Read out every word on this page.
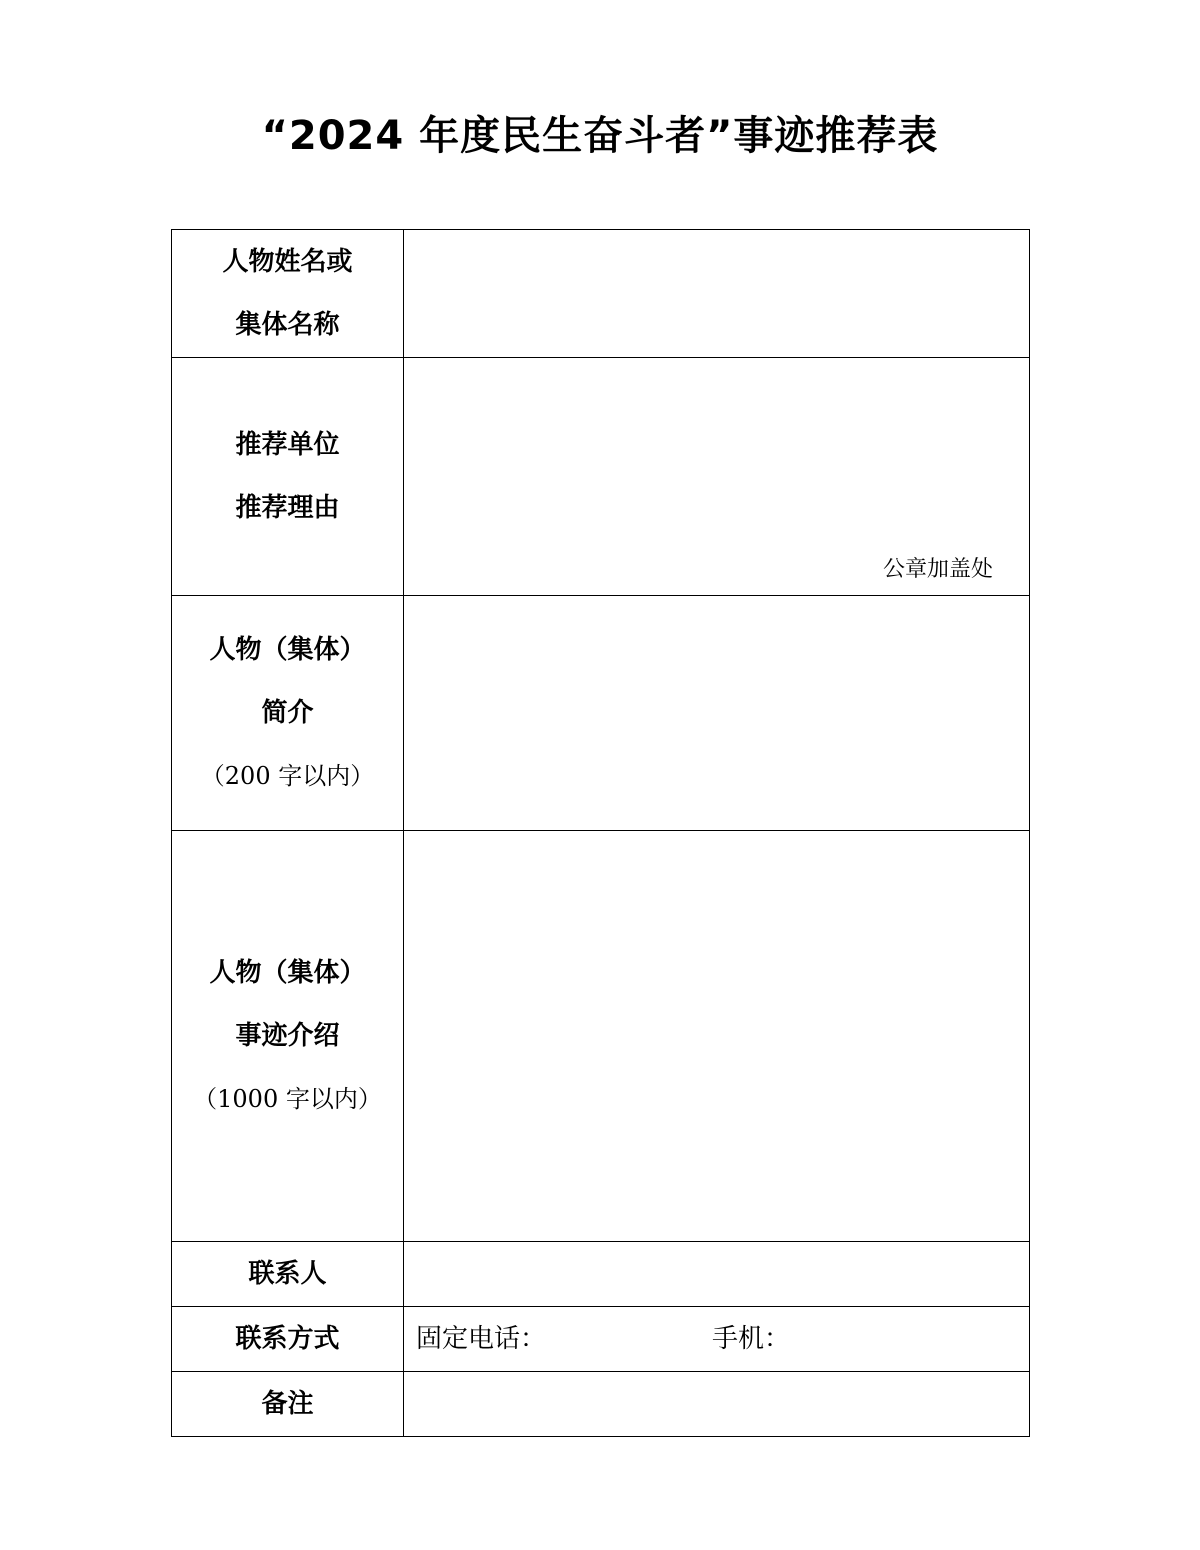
“2024 年度民生奋斗者”事迹推荐表
人物姓名或
集体名称	

推荐单位
推荐理由	公章加盖处

人物（集体）
简介
（200 字以内）	

人物（集体）
事迹介绍
（1000 字以内）	

联系人	

联系方式	固定电话： 手机：

备注	
